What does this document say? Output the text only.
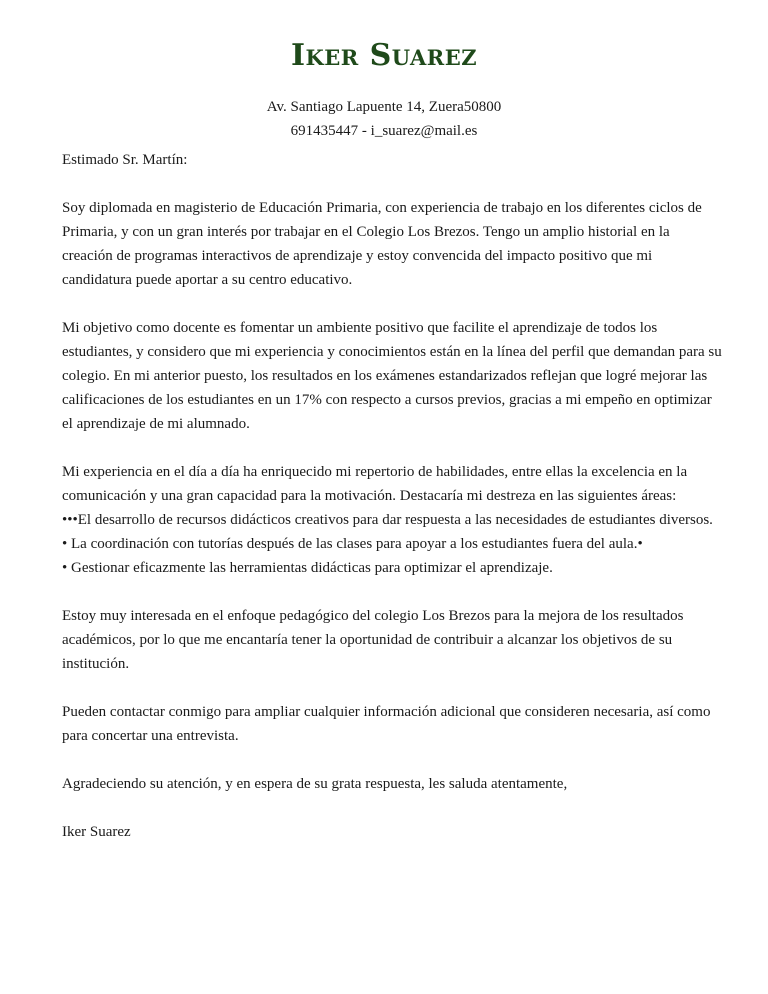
Iker Suarez
Av. Santiago Lapuente 14, Zuera50800
691435447 - i_suarez@mail.es

Estimado Sr. Martín:

Soy diplomada en magisterio de Educación Primaria, con experiencia de trabajo en los diferentes ciclos de Primaria, y con un gran interés por trabajar en el Colegio Los Brezos. Tengo un amplio historial en la creación de programas interactivos de aprendizaje y estoy convencida del impacto positivo que mi candidatura puede aportar a su centro educativo.

Mi objetivo como docente es fomentar un ambiente positivo que facilite el aprendizaje de todos los estudiantes, y considero que mi experiencia y conocimientos están en la línea del perfil que demandan para su colegio. En mi anterior puesto, los resultados en los exámenes estandarizados reflejan que logré mejorar las calificaciones de los estudiantes en un 17% con respecto a cursos previos, gracias a mi empeño en optimizar el aprendizaje de mi alumnado.

Mi experiencia en el día a día ha enriquecido mi repertorio de habilidades, entre ellas la excelencia en la comunicación y una gran capacidad para la motivación. Destacaría mi destreza en las siguientes áreas:

•••El desarrollo de recursos didácticos creativos para dar respuesta a las necesidades de estudiantes diversos.

• La coordinación con tutorías después de las clases para apoyar a los estudiantes fuera del aula.•

• Gestionar eficazmente las herramientas didácticas para optimizar el aprendizaje.

Estoy muy interesada en el enfoque pedagógico del colegio Los Brezos para la mejora de los resultados académicos, por lo que me encantaría tener la oportunidad de contribuir a alcanzar los objetivos de su institución.

Pueden contactar conmigo para ampliar cualquier información adicional que consideren necesaria, así como para concertar una entrevista.

Agradeciendo su atención, y en espera de su grata respuesta, les saluda atentamente,

Iker Suarez
